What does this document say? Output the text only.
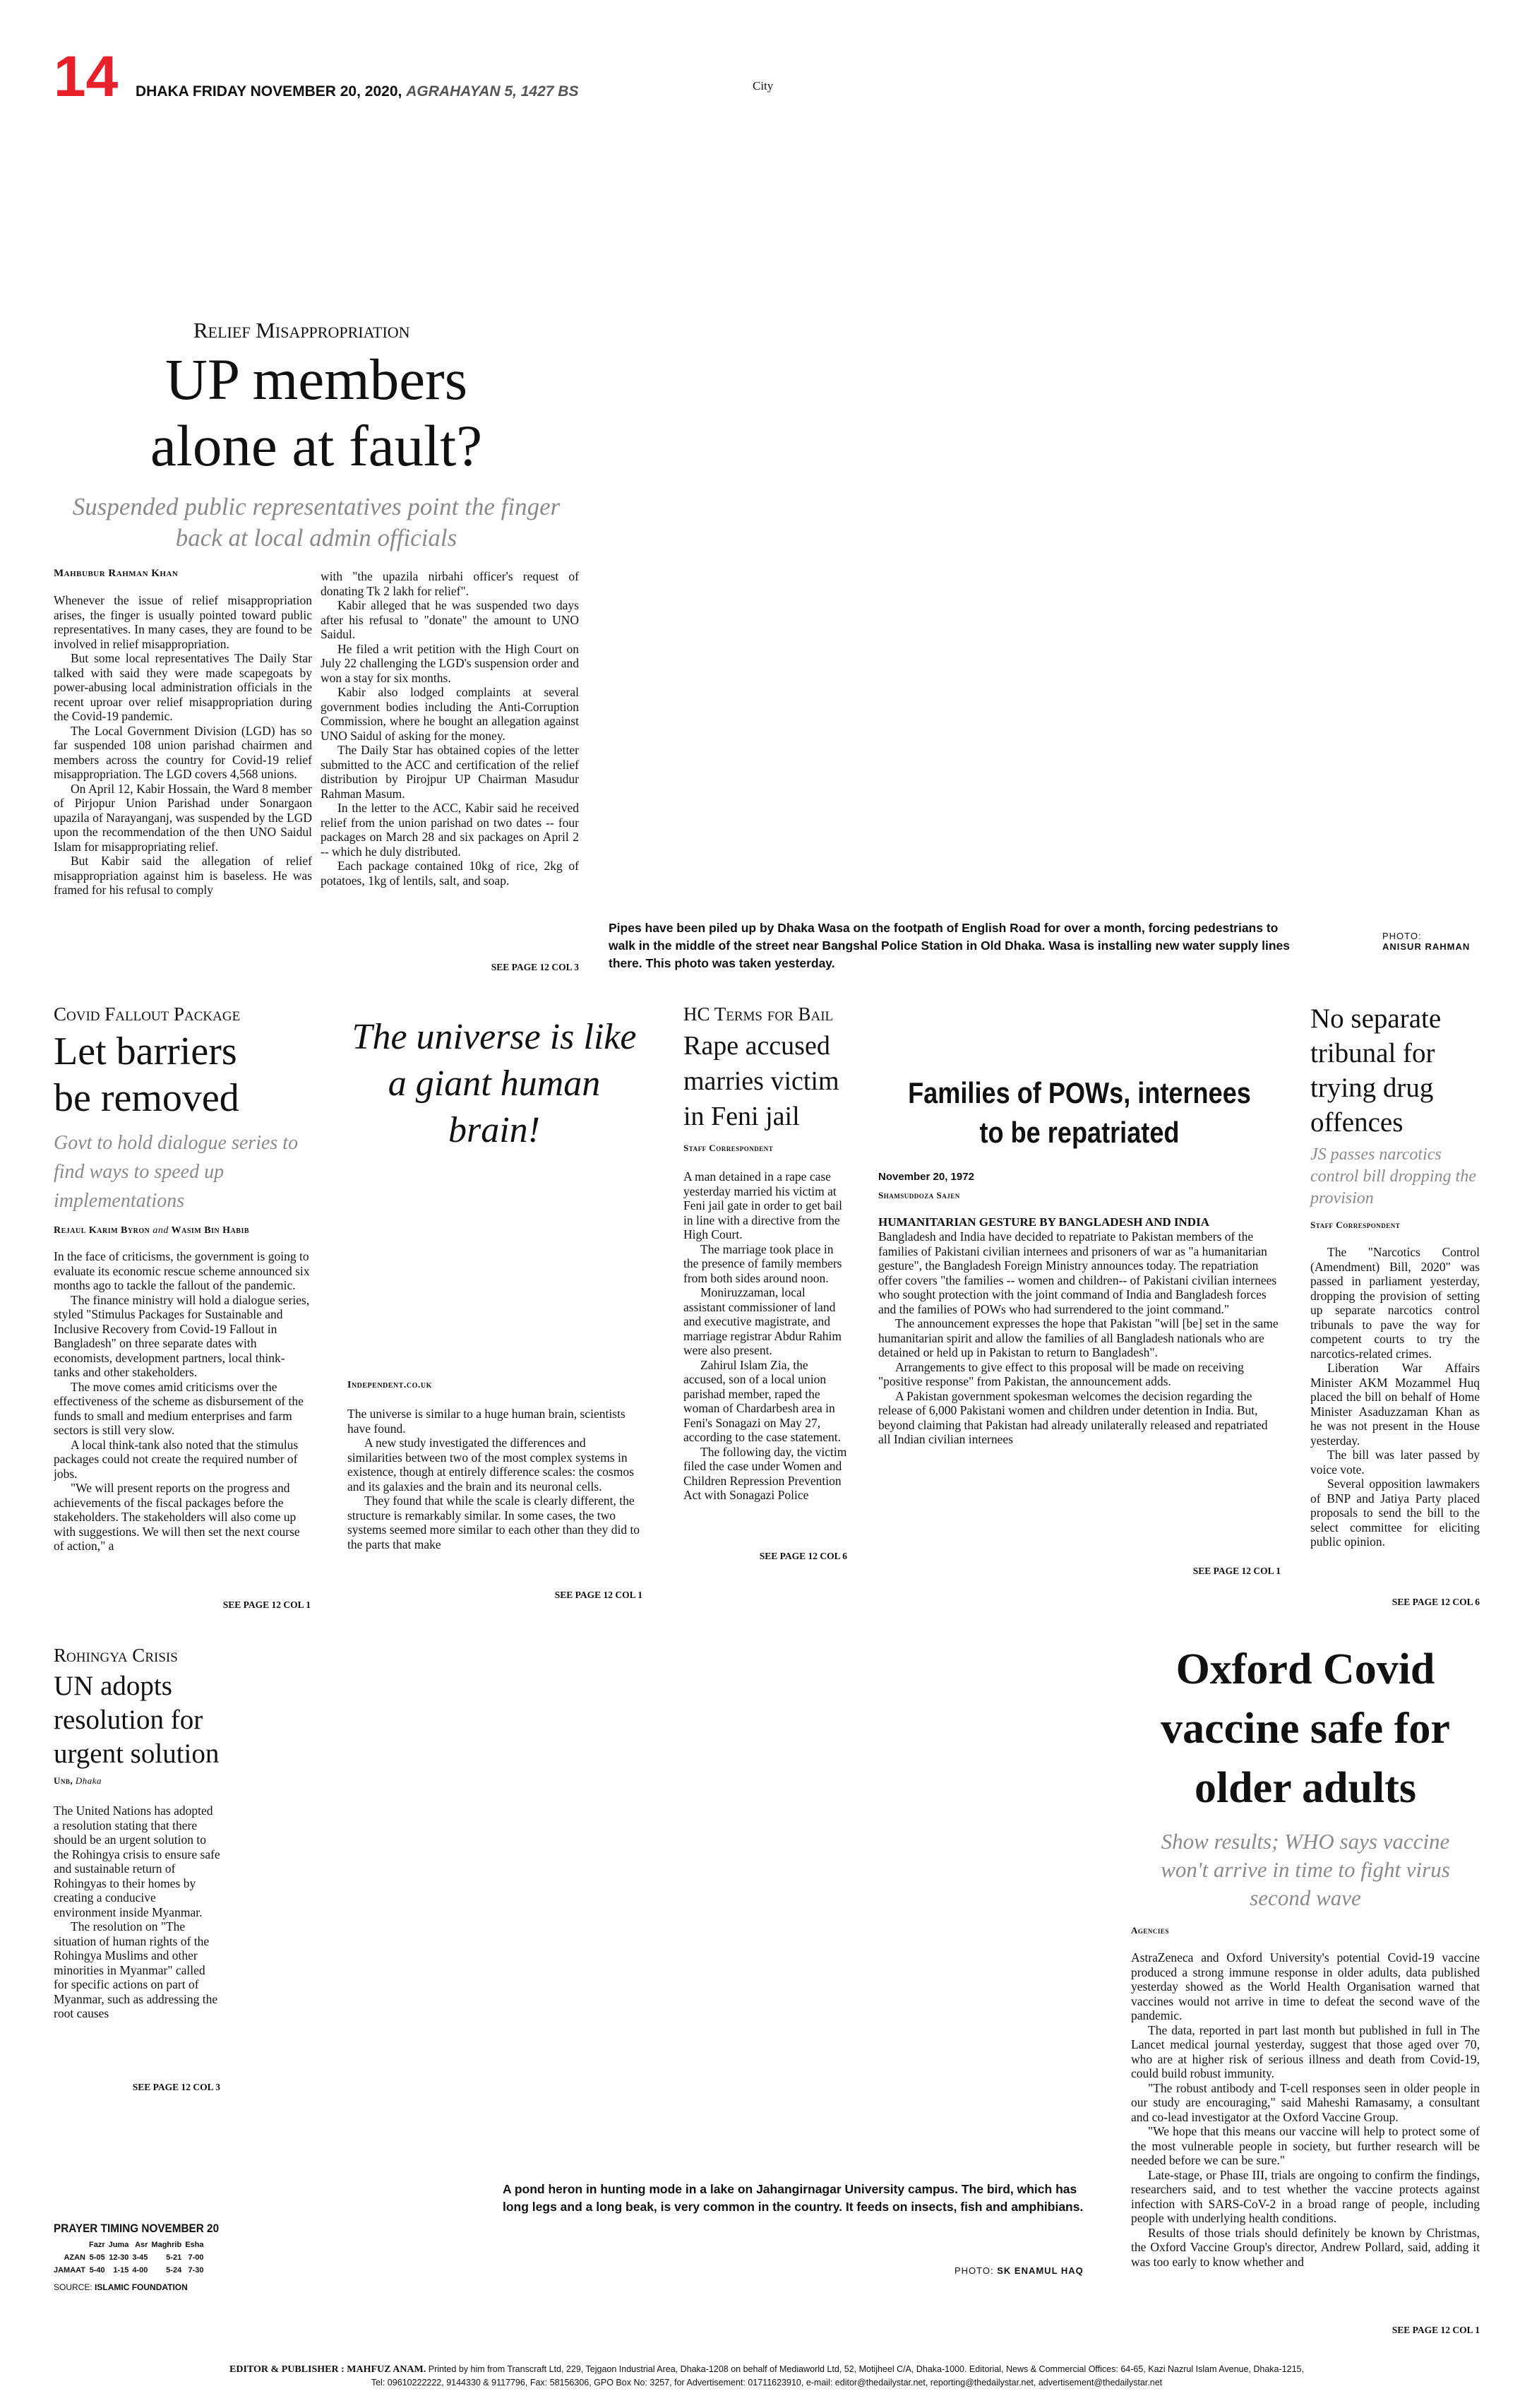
14 DHAKA FRIDAY NOVEMBER 20, 2020, AGRAHAYAN 5, 1427 BS	City
Relief Misappropriation
UP members
alone at fault?
Suspended public representatives point the finger back at local admin officials
Mahbubur Rahman Khan

Whenever the issue of relief misappropriation arises, the finger is usually pointed toward public representatives. In many cases, they are found to be involved in relief misappropriation.

But some local representatives The Daily Star talked with said they were made scapegoats by power-abusing local administration officials in the recent uproar over relief misappropriation during the Covid-19 pandemic.

The Local Government Division (LGD) has so far suspended 108 union parishad chairmen and members across the country for Covid-19 relief misappropriation. The LGD covers 4,568 unions.

On April 12, Kabir Hossain, the Ward 8 member of Pirjopur Union Parishad under Sonargaon upazila of Narayanganj, was suspended by the LGD upon the recommendation of the then UNO Saidul Islam for misappropriating relief.

But Kabir said the allegation of relief misappropriation against him is baseless. He was framed for his refusal to comply

with "the upazila nirbahi officer's request of donating Tk 2 lakh for relief".

Kabir alleged that he was suspended two days after his refusal to "donate" the amount to UNO Saidul.

He filed a writ petition with the High Court on July 22 challenging the LGD's suspension order and won a stay for six months.

Kabir also lodged complaints at several government bodies including the Anti-Corruption Commission, where he bought an allegation against UNO Saidul of asking for the money.

The Daily Star has obtained copies of the letter submitted to the ACC and certification of the relief distribution by Pirojpur UP Chairman Masudur Rahman Masum.

In the letter to the ACC, Kabir said he received relief from the union parishad on two dates -- four packages on March 28 and six packages on April 2 -- which he duly distributed.

Each package contained 10kg of rice, 2kg of potatoes, 1kg of lentils, salt, and soap.

SEE PAGE 12 COL 3
Pipes have been piled up by Dhaka Wasa on the footpath of English Road for over a month, forcing pedestrians to walk in the middle of the street near Bangshal Police Station in Old Dhaka. Wasa is installing new water supply lines there. This photo was taken yesterday.
PHOTO:
ANISUR RAHMAN
Covid Fallout Package
Let barriers
be removed
Govt to hold dialogue series to find ways to speed up implementations
Rejaul Karim Byron and Wasim Bin Habib

In the face of criticisms, the government is going to evaluate its economic rescue scheme announced six months ago to tackle the fallout of the pandemic.

The finance ministry will hold a dialogue series, styled "Stimulus Packages for Sustainable and Inclusive Recovery from Covid-19 Fallout in Bangladesh" on three separate dates with economists, development partners, local think-tanks and other stakeholders.

The move comes amid criticisms over the effectiveness of the scheme as disbursement of the funds to small and medium enterprises and farm sectors is still very slow.

A local think-tank also noted that the stimulus packages could not create the required number of jobs.

"We will present reports on the progress and achievements of the fiscal packages before the stakeholders. The stakeholders will also come up with suggestions. We will then set the next course of action," a

SEE PAGE 12 COL 1
The universe is like a giant human brain!
Independent.co.uk

The universe is similar to a huge human brain, scientists have found.

A new study investigated the differences and similarities between two of the most complex systems in existence, though at entirely difference scales: the cosmos and its galaxies and the brain and its neuronal cells.

They found that while the scale is clearly different, the structure is remarkably similar. In some cases, the two systems seemed more similar to each other than they did to the parts that make

SEE PAGE 12 COL 1
HC Terms for Bail
Rape accused marries victim in Feni jail
Staff Correspondent

A man detained in a rape case yesterday married his victim at Feni jail gate in order to get bail in line with a directive from the High Court.

The marriage took place in the presence of family members from both sides around noon.

Moniruzzaman, local assistant commissioner of land and executive magistrate, and marriage registrar Abdur Rahim were also present.

Zahirul Islam Zia, the accused, son of a local union parishad member, raped the woman of Chardarbesh area in Feni's Sonagazi on May 27, according to the case statement.

The following day, the victim filed the case under Women and Children Repression Prevention Act with Sonagazi Police

SEE PAGE 12 COL 6
Families of POWs, internees
to be repatriated
November 20, 1972
Shamsuddoza Sajen
HUMANITARIAN GESTURE BY BANGLADESH AND INDIA

Bangladesh and India have decided to repatriate to Pakistan members of the families of Pakistani civilian internees and prisoners of war as "a humanitarian gesture", the Bangladesh Foreign Ministry announces today. The repatriation offer covers "the families -- women and children-- of Pakistani civilian internees who sought protection with the joint command of India and Bangladesh forces and the families of POWs who had surrendered to the joint command."

The announcement expresses the hope that Pakistan "will [be] set in the same humanitarian spirit and allow the families of all Bangladesh nationals who are detained or held up in Pakistan to return to Bangladesh".

Arrangements to give effect to this proposal will be made on receiving "positive response" from Pakistan, the announcement adds.

A Pakistan government spokesman welcomes the decision regarding the release of 6,000 Pakistani women and children under detention in India. But, beyond claiming that Pakistan had already unilaterally released and repatriated all Indian civilian internees

SEE PAGE 12 COL 1
No separate tribunal for trying drug offences
JS passes narcotics control bill dropping the provision
Staff Correspondent

The "Narcotics Control (Amendment) Bill, 2020" was passed in parliament yesterday, dropping the provision of setting up separate narcotics control tribunals to pave the way for competent courts to try the narcotics-related crimes.

Liberation War Affairs Minister AKM Mozammel Huq placed the bill on behalf of Home Minister Asaduzzaman Khan as he was not present in the House yesterday.

The bill was later passed by voice vote.

Several opposition lawmakers of BNP and Jatiya Party placed proposals to send the bill to the select committee for eliciting public opinion.

SEE PAGE 12 COL 6
Rohingya Crisis
UN adopts resolution for urgent solution
Unb, Dhaka

The United Nations has adopted a resolution stating that there should be an urgent solution to the Rohingya crisis to ensure safe and sustainable return of Rohingyas to their homes by creating a conducive environment inside Myanmar.

The resolution on "The situation of human rights of the Rohingya Muslims and other minorities in Myanmar" called for specific actions on part of Myanmar, such as addressing the root causes

SEE PAGE 12 COL 3
PRAYER TIMING NOVEMBER 20
	Fazr	Juma	Asr	Maghrib	Esha
AZAN	5-05	12-30	3-45	5-21	7-00
JAMAAT	5-40	1-15	4-00	5-24	7-30
SOURCE: ISLAMIC FOUNDATION
A pond heron in hunting mode in a lake on Jahangirnagar University campus. The bird, which has long legs and a long beak, is very common in the country. It feeds on insects, fish and amphibians.
PHOTO: SK ENAMUL HAQ
Oxford Covid
vaccine safe for
older adults
Show results; WHO says vaccine won't arrive in time to fight virus second wave
Agencies

AstraZeneca and Oxford University's potential Covid-19 vaccine produced a strong immune response in older adults, data published yesterday showed as the World Health Organisation warned that vaccines would not arrive in time to defeat the second wave of the pandemic.

The data, reported in part last month but published in full in The Lancet medical journal yesterday, suggest that those aged over 70, who are at higher risk of serious illness and death from Covid-19, could build robust immunity.

"The robust antibody and T-cell responses seen in older people in our study are encouraging," said Maheshi Ramasamy, a consultant and co-lead investigator at the Oxford Vaccine Group.

"We hope that this means our vaccine will help to protect some of the most vulnerable people in society, but further research will be needed before we can be sure."

Late-stage, or Phase III, trials are ongoing to confirm the findings, researchers said, and to test whether the vaccine protects against infection with SARS-CoV-2 in a broad range of people, including people with underlying health conditions.

Results of those trials should definitely be known by Christmas, the Oxford Vaccine Group's director, Andrew Pollard, said, adding it was too early to know whether and

SEE PAGE 12 COL 1
EDITOR & PUBLISHER : MAHFUZ ANAM. Printed by him from Transcraft Ltd, 229, Tejgaon Industrial Area, Dhaka-1208 on behalf of Mediaworld Ltd, 52, Motijheel C/A, Dhaka-1000. Editorial, News & Commercial Offices: 64-65, Kazi Nazrul Islam Avenue, Dhaka-1215,
Tel: 09610222222, 9144330 & 9117796, Fax: 58156306, GPO Box No: 3257, for Advertisement: 01711623910, e-mail: editor@thedailystar.net, reporting@thedailystar.net, advertisement@thedailystar.net
